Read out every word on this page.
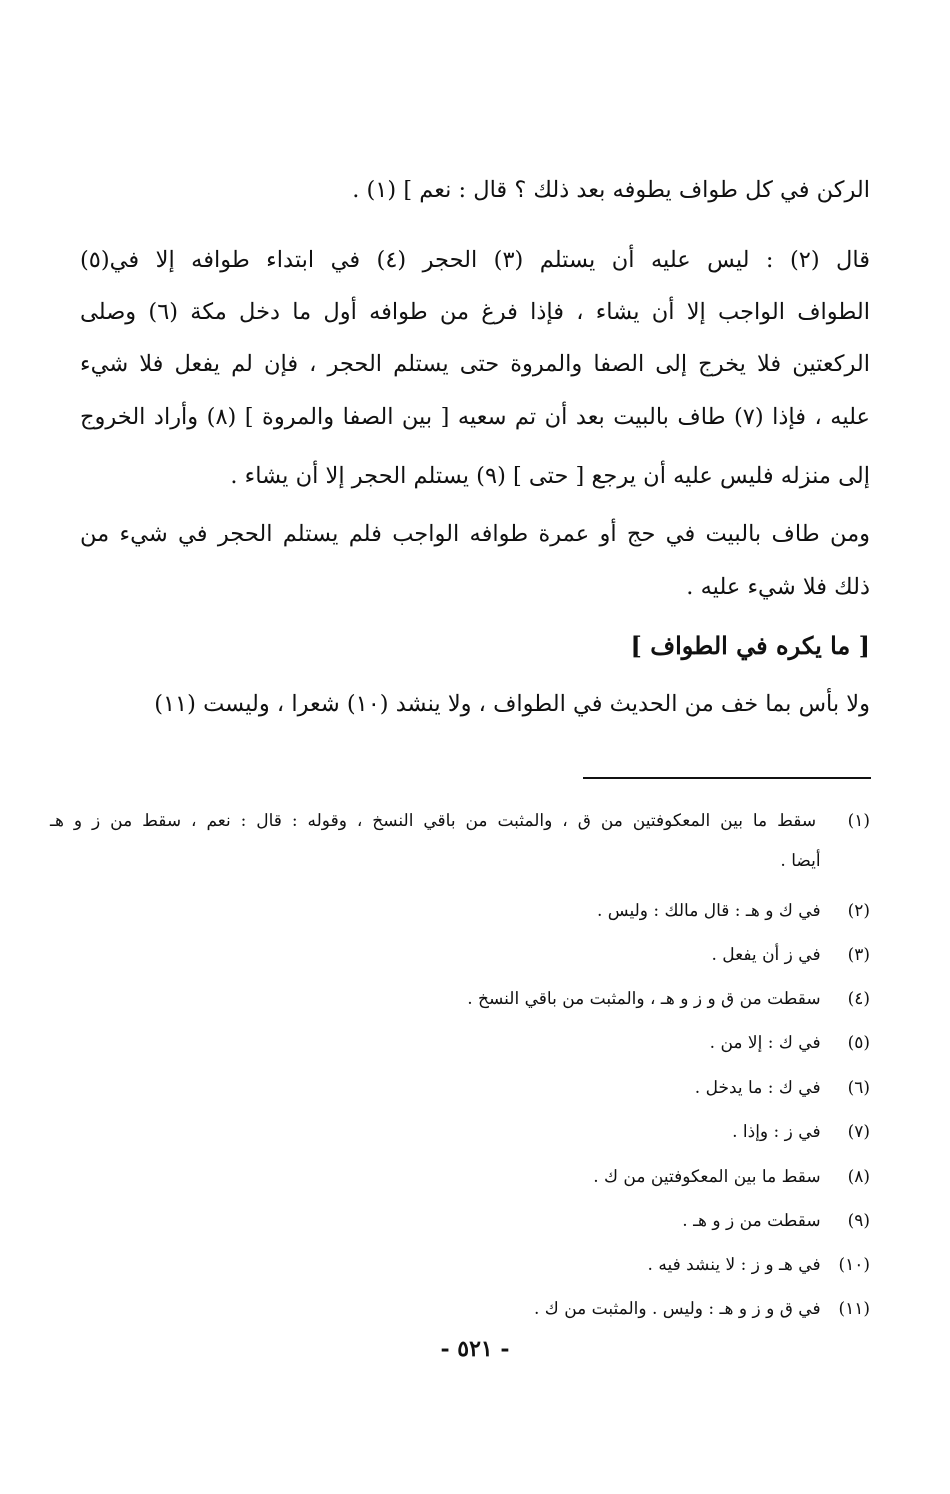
الركن في كل طواف يطوفه بعد ذلك ؟ قال : نعم ] (١) .
قال (٢) : ليس عليه أن يستلم (٣) الحجر (٤) في ابتداء طوافه إلا في(٥)
الطواف الواجب إلا أن يشاء ، فإذا فرغ من طوافه أول ما دخل مكة (٦) وصلى
الركعتين فلا يخرج إلى الصفا والمروة حتى يستلم الحجر ، فإن لم يفعل فلا شيء
عليه ، فإذا (٧) طاف بالبيت بعد أن تم سعيه [ بين الصفا والمروة ] (٨) وأراد الخروج
إلى منزله فليس عليه أن يرجع [ حتى ] (٩) يستلم الحجر إلا أن يشاء .
ومن طاف بالبيت في حج أو عمرة طوافه الواجب فلم يستلم الحجر في شيء من
ذلك فلا شيء عليه .
[ ما يكره في الطواف ]
ولا بأس بما خف من الحديث في الطواف ، ولا ينشد (١٠) شعرا ، وليست (١١)
(١) سقط ما بين المعكوفتين من ق ، والمثبت من باقي النسخ ، وقوله : قال : نعم ، سقط من ز و هـ
أيضا .
(٢) في ك و هـ : قال مالك : وليس .
(٣) في ز أن يفعل .
(٤) سقطت من ق و ز و هـ ، والمثبت من باقي النسخ .
(٥) في ك : إلا من .
(٦) في ك : ما يدخل .
(٧) في ز : وإذا .
(٨) سقط ما بين المعكوفتين من ك .
(٩) سقطت من ز و هـ .
(١٠) في هـ و ز : لا ينشد فيه .
(١١) في ق و ز و هـ : وليس . والمثبت من ك .
- ٥٢١ -
